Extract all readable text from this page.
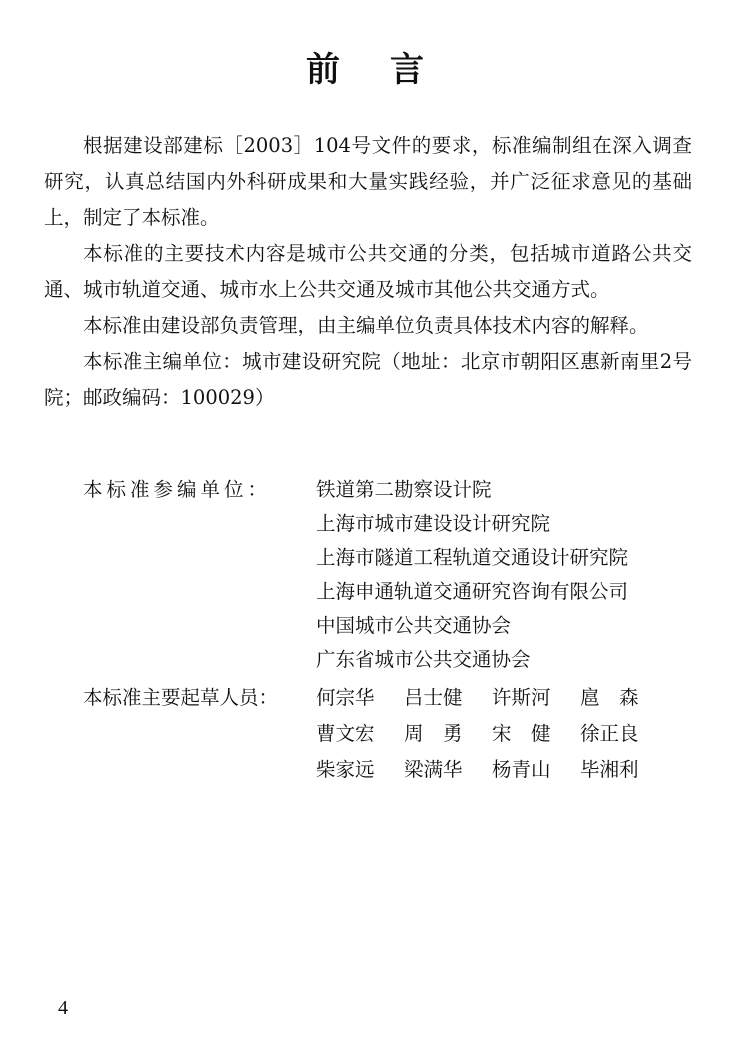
前言

根据建设部建标［2003］104号文件的要求，标准编制组在深入调查研究，认真总结国内外科研成果和大量实践经验，并广泛征求意见的基础上，制定了本标准。

本标准的主要技术内容是城市公共交通的分类，包括城市道路公共交通、城市轨道交通、城市水上公共交通及城市其他公共交通方式。

本标准由建设部负责管理，由主编单位负责具体技术内容的解释。

本标准主编单位：城市建设研究院（地址：北京市朝阳区惠新南里2号院；邮政编码：100029）

本标准参编单位：	铁道第二勘察设计院
上海市城市建设设计研究院
上海市隧道工程轨道交通设计研究院
上海申通轨道交通研究咨询有限公司
中国城市公共交通协会
广东省城市公共交通协会
本标准主要起草人员：	何宗华	吕士健	许斯河	扈　森
曹文宏	周　勇	宋　健	徐正良
柴家远	梁满华	杨青山	毕湘利
4
